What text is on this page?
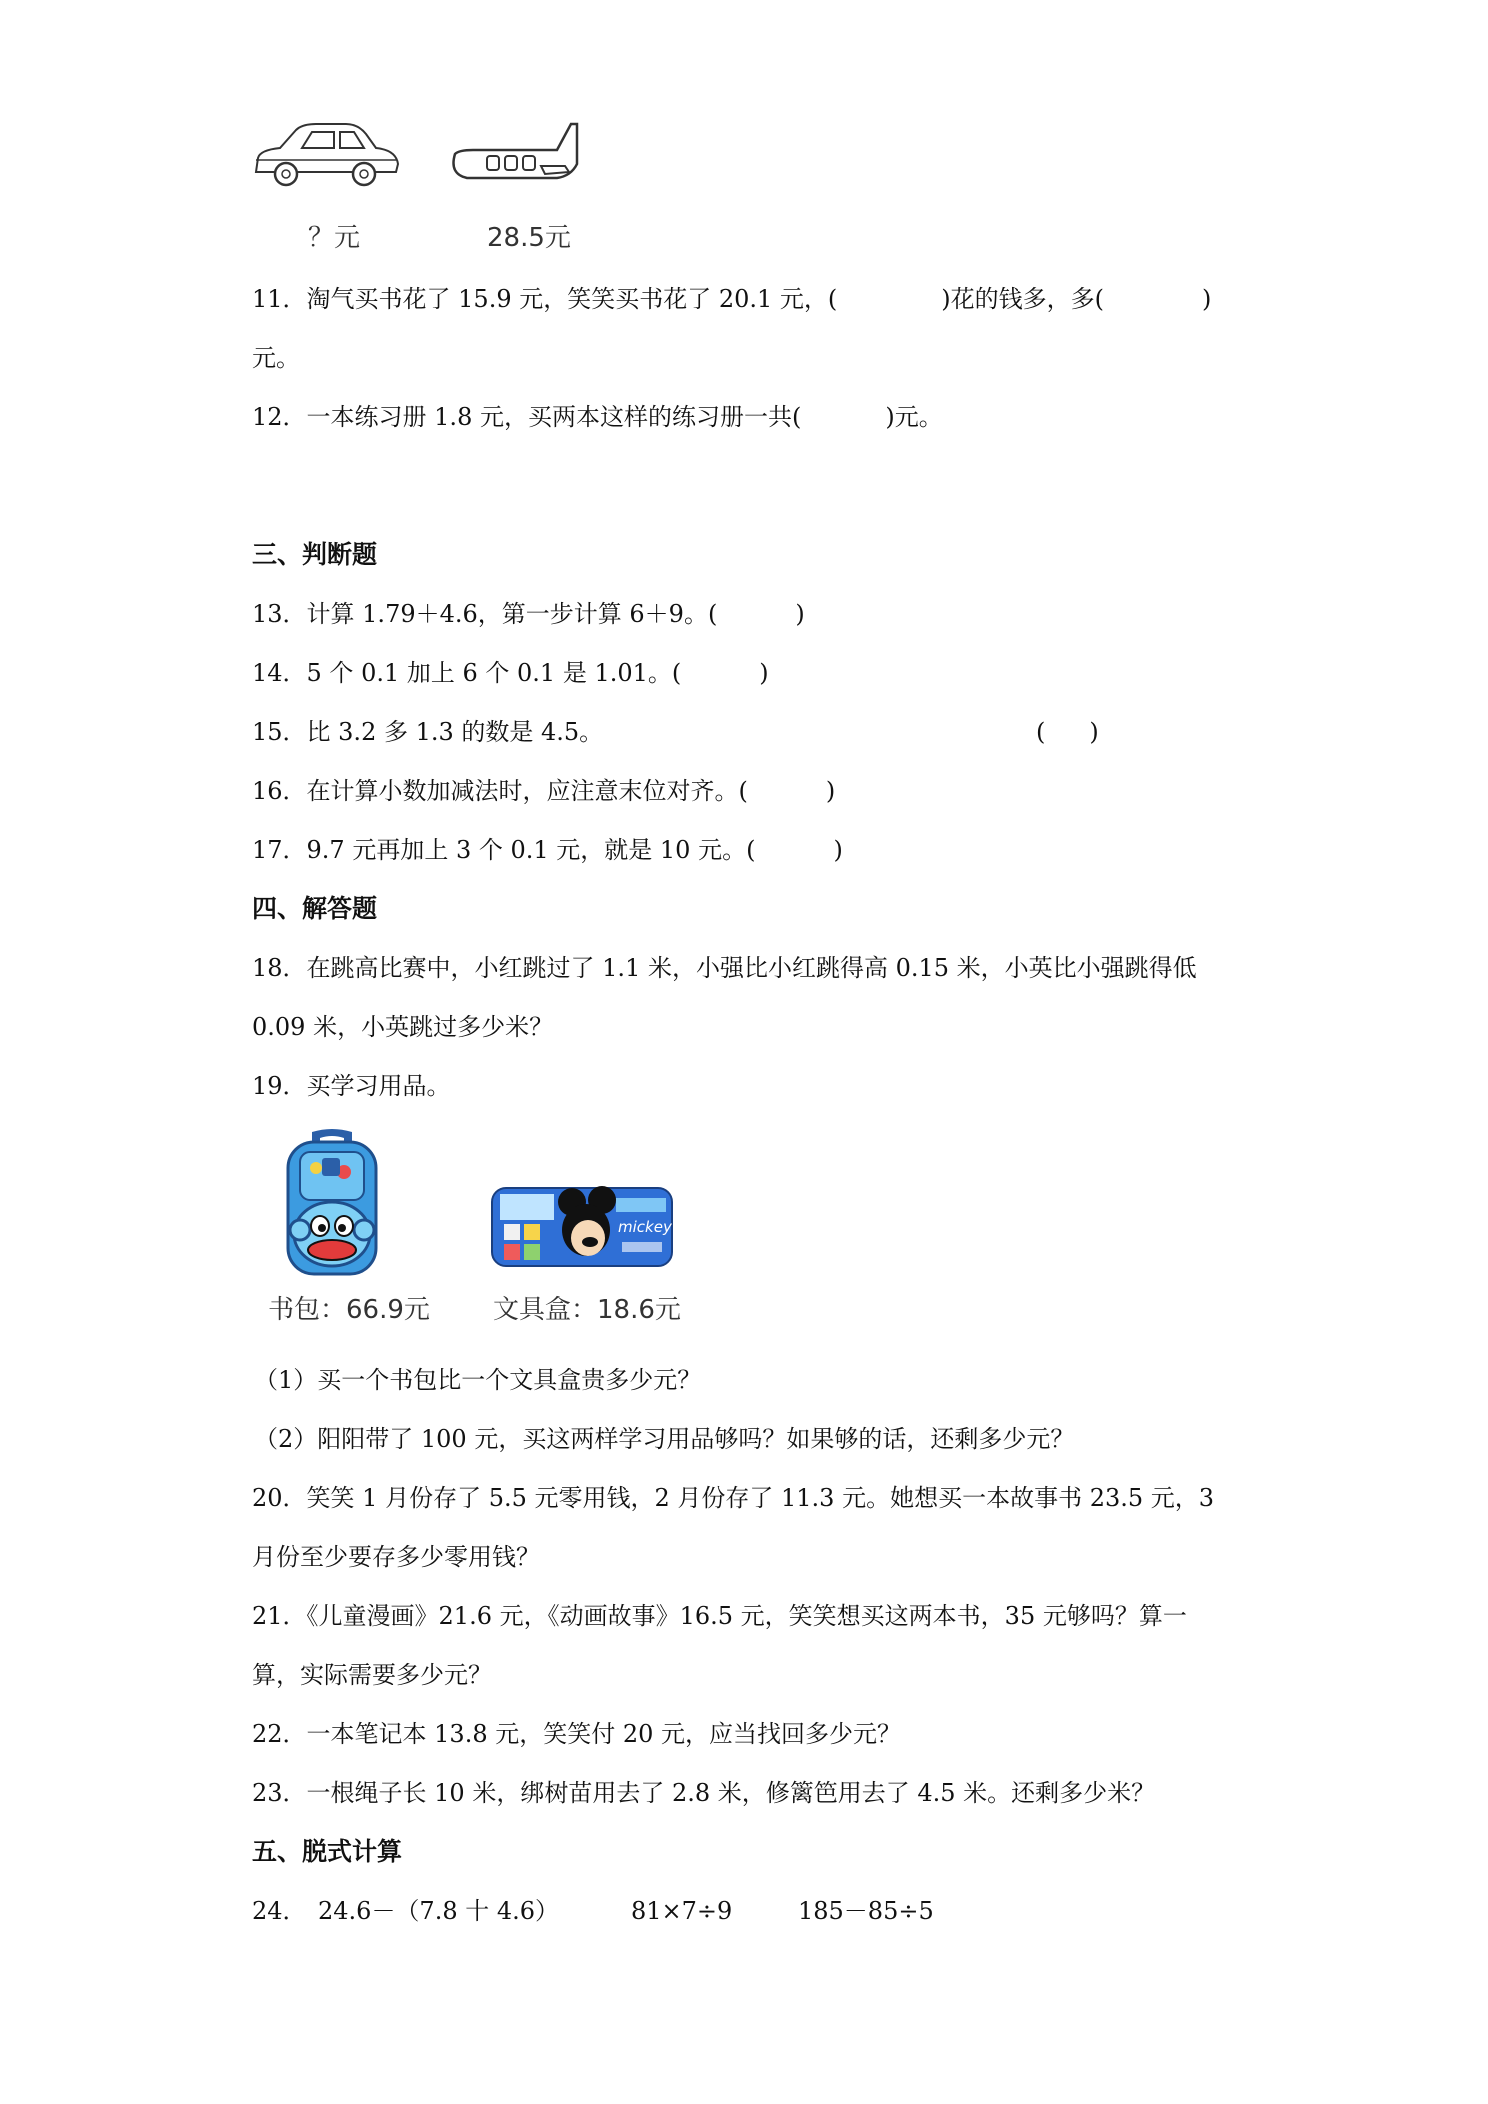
？元	28.5元
11．淘气买书花了 15.9 元，笑笑买书花了 20.1 元，(	)花的钱多，多(	)
元。
12．一本练习册 1.8 元，买两本这样的练习册一共(	)元。
三、判断题
13．计算 1.79＋4.6，第一步计算 6＋9。(	)
14．5 个 0.1 加上 6 个 0.1 是 1.01。(	)
15．比 3.2 多 1.3 的数是 4.5。	( )
16．在计算小数加减法时，应注意末位对齐。(	)
17．9.7 元再加上 3 个 0.1 元，就是 10 元。(	)
四、解答题
18．在跳高比赛中，小红跳过了 1.1 米，小强比小红跳得高 0.15 米，小英比小强跳得低
0.09 米，小英跳过多少米？
19．买学习用品。
mickey
书包：66.9元 文具盒：18.6元
（1）买一个书包比一个文具盒贵多少元？
（2）阳阳带了 100 元，买这两样学习用品够吗？如果够的话，还剩多少元？
20．笑笑 1 月份存了 5.5 元零用钱，2 月份存了 11.3 元。她想买一本故事书 23.5 元，3
月份至少要存多少零用钱？
21．《儿童漫画》21.6 元，《动画故事》16.5 元，笑笑想买这两本书，35 元够吗？算一
算，实际需要多少元？
22．一本笔记本 13.8 元，笑笑付 20 元，应当找回多少元？
23．一根绳子长 10 米，绑树苗用去了 2.8 米，修篱笆用去了 4.5 米。还剩多少米？
五、脱式计算
24． 24.6－（7.8 十 4.6）	81×7÷9	185－85÷5
